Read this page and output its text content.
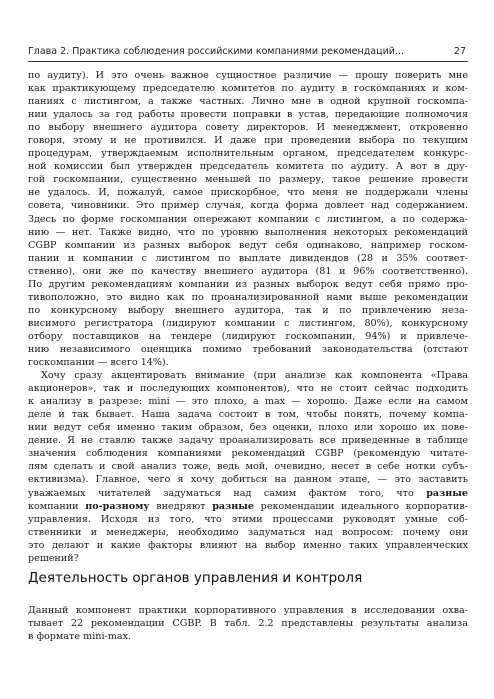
Глава 2. Практика соблюдения российскими компаниями рекомендаций...	27
по аудиту). И это очень важное сущностное различие — прошу поверить мне
как практикующему председателю комитетов по аудиту в госкомпаниях и ком-
паниях с листингом, а также частных. Лично мне в одной крупной госкомпа-
нии удалось за год работы провести поправки в устав, передающие полномочия
по выбору внешнего аудитора совету директоров. И менеджмент, откровенно
говоря, этому и не противился. И даже при проведении выбора по текущим
процедурам, утверждаемым исполнительным органом, председателем конкурс-
ной комиссии был утвержден председатель комитета по аудиту. А вот в дру-
гой госкомпании, существенно меньшей по размеру, такое решение провести
не удалось. И, пожалуй, самое прискорбное, что меня не поддержали члены
совета, чиновники. Это пример случая, когда форма довлеет над содержанием.
Здесь по форме госкомпании опережают компании с листингом, а по содержа-
нию — нет. Также видно, что по уровню выполнения некоторых рекомендаций
CGBP компании из разных выборок ведут себя одинаково, например госком-
пании и компании с листингом по выплате дивидендов (28 и 35% соответ-
ственно), они же по качеству внешнего аудитора (81 и 96% соответственно).
По другим рекомендациям компании из разных выборок ведут себя прямо про-
тивоположно, это видно как по проанализированной нами выше рекомендации
по конкурсному выбору внешнего аудитора, так и по привлечению неза-
висимого регистратора (лидируют компании с листингом, 80%), конкурсному
отбору поставщиков на тендере (лидируют госкомпании, 94%) и привлече-
нию независимого оценщика помимо требований законодательства (отстают
госкомпании — всего 14%).
Хочу сразу акцентировать внимание (при анализе как компонента «Права
акционеров», так и последующих компонентов), что не стоит сейчас подходить
к анализу в разрезе: mini — это плохо, а max — хорошо. Даже если на самом
деле и так бывает. Наша задача состоит в том, чтобы понять, почему компа-
нии ведут себя именно таким образом, без оценки, плохо или хорошо их пове-
дение. Я не ставлю также задачу проанализировать все приведенные в таблице
значения соблюдения компаниями рекомендаций CGBP (рекомендую читате-
лям сделать и свой анализ тоже, ведь мой, очевидно, несет в себе нотки субъ-
ективизма). Главное, чего я хочу добиться на данном этапе, — это заставить
уважаемых читателей задуматься над самим фактом того, что разные
компании по-разному внедряют разные рекомендации идеального корпоратив-
управления. Исходя из того, что этими процессами руководят умные соб-
ственники и менеджеры, необходимо задуматься над вопросом: почему они
это делают и какие факторы влияют на выбор именно таких управленческих
решений?
Деятельность органов управления и контроля
Данный компонент практики корпоративного управления в исследовании охва-
тывает 22 рекомендации CGBP. В табл. 2.2 представлены результаты анализа
в формате mini-max.
